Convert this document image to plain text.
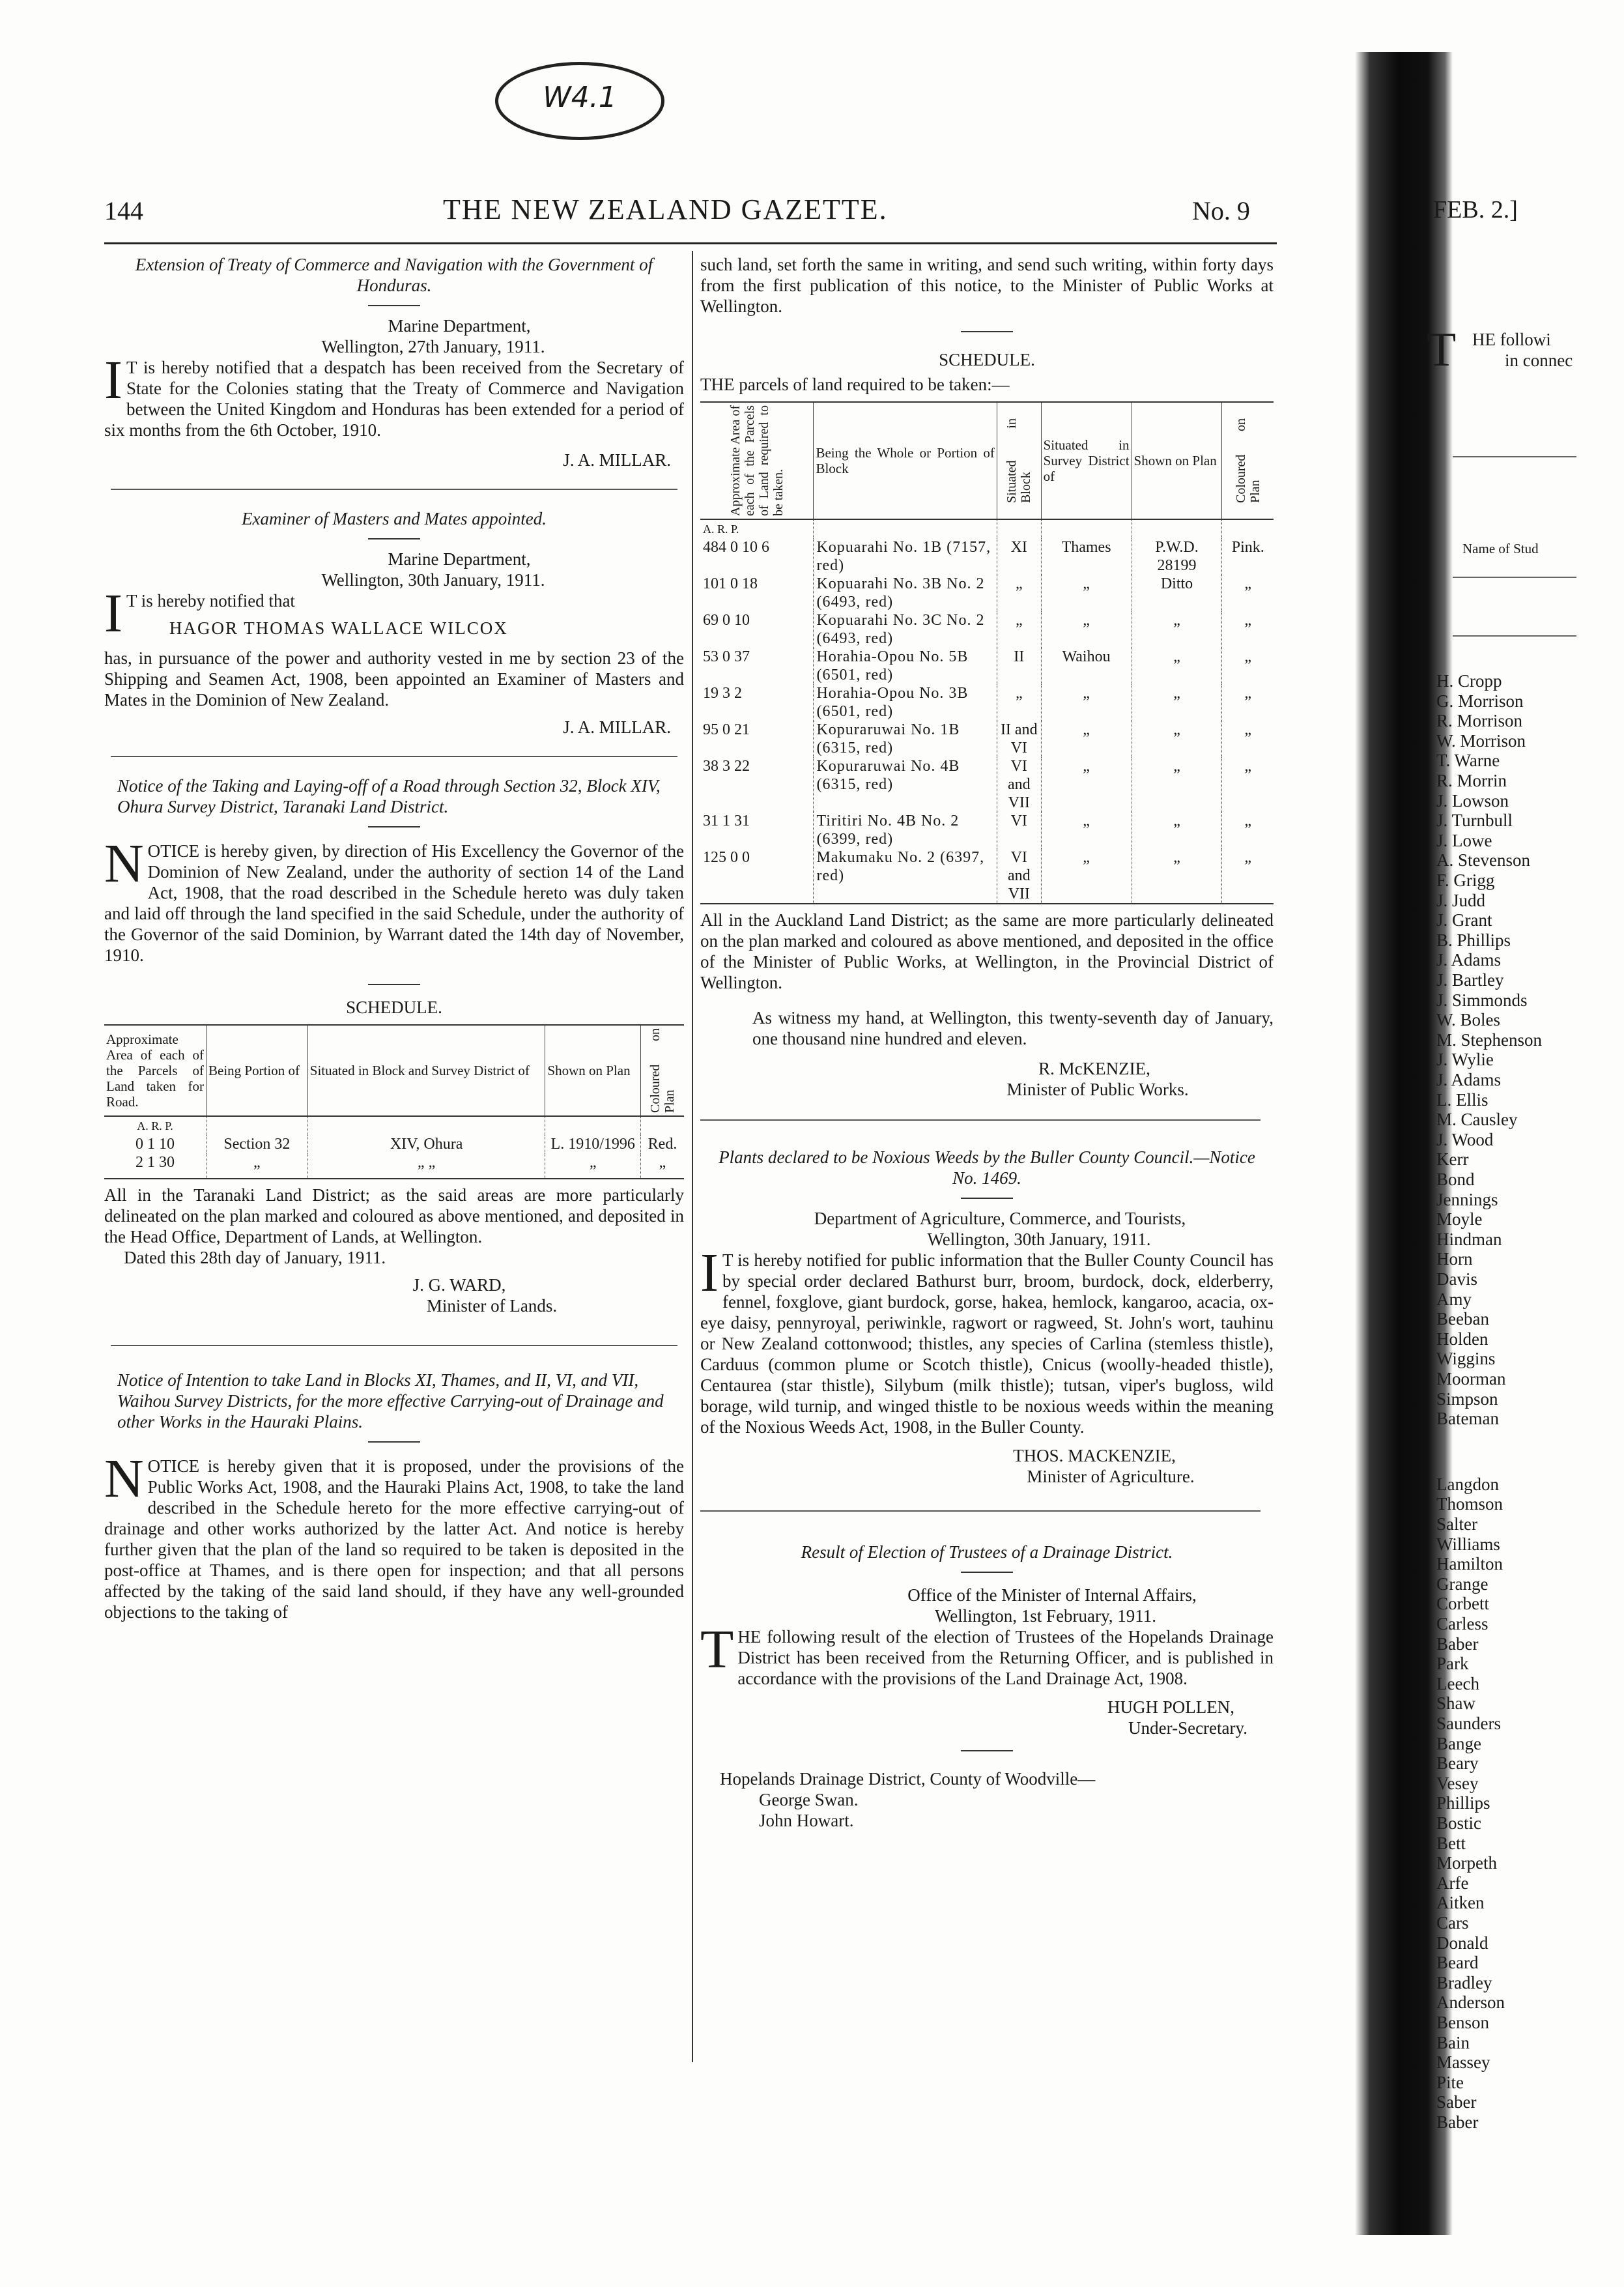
W4.1
144	THE NEW ZEALAND GAZETTE.	No. 9

Extension of Treaty of Commerce and Navigation with the Government of Honduras.

Marine Department,

Wellington, 27th January, 1911.

I T is hereby notified that a despatch has been received from the Secretary of State for the Colonies stating that the Treaty of Commerce and Navigation between the United Kingdom and Honduras has been extended for a period of six months from the 6th October, 1910.

J. A. MILLAR.

Examiner of Masters and Mates appointed.

Marine Department,

Wellington, 30th January, 1911.

I T is hereby notified that

HAGOR THOMAS WALLACE WILCOX

has, in pursuance of the power and authority vested in me by section 23 of the Shipping and Seamen Act, 1908, been appointed an Examiner of Masters and Mates in the Dominion of New Zealand.

J. A. MILLAR.

Notice of the Taking and Laying-off of a Road through Section 32, Block XIV, Ohura Survey District, Taranaki Land District.

NOTICE is hereby given, by direction of His Excellency the Governor of the Dominion of New Zealand, under the authority of section 14 of the Land Act, 1908, that the road described in the Schedule hereto was duly taken and laid off through the land specified in the said Schedule, under the authority of the Governor of the said Dominion, by Warrant dated the 14th day of November, 1910.

SCHEDULE.

Approximate Area of each of the Parcels of Land taken for Road.	Being Portion of	Situated in Block and Survey District of	Shown on Plan	Coloured on Plan

A. R. P.				
0 1 10	Section 32	XIV, Ohura	L. 1910/1996	Red.
2 1 30	„	„ „	„	„

All in the Taranaki Land District; as the said areas are more particularly delineated on the plan marked and coloured as above mentioned, and deposited in the Head Office, Department of Lands, at Wellington.

Dated this 28th day of January, 1911.

J. G. WARD,

Minister of Lands.

Notice of Intention to take Land in Blocks XI, Thames, and II, VI, and VII, Waihou Survey Districts, for the more effective Carrying-out of Drainage and other Works in the Hauraki Plains.

NOTICE is hereby given that it is proposed, under the provisions of the Public Works Act, 1908, and the Hauraki Plains Act, 1908, to take the land described in the Schedule hereto for the more effective carrying-out of drainage and other works authorized by the latter Act. And notice is hereby further given that the plan of the land so required to be taken is deposited in the post-office at Thames, and is there open for inspection; and that all persons affected by the taking of the said land should, if they have any well-grounded objections to the taking of

such land, set forth the same in writing, and send such writing, within forty days from the first publication of this notice, to the Minister of Public Works at Wellington.

SCHEDULE.

THE parcels of land required to be taken:—

Approximate Area of each of the Parcels of Land required to be taken.	Being the Whole or Portion of Block	Situated in Block	Situated in Survey District of	Shown on Plan	Coloured on Plan

A. R. P.					
484 0 10 6	Kopuarahi No. 1B (7157, red)	XI	Thames	P.W.D. 28199	Pink.
101 0 18	Kopuarahi No. 3B No. 2 (6493, red)	„	„	Ditto	„
69 0 10	Kopuarahi No. 3C No. 2 (6493, red)	„	„	„	„
53 0 37	Horahia-Opou No. 5B (6501, red)	II	Waihou	„	„
19 3 2	Horahia-Opou No. 3B (6501, red)	„	„	„	„
95 0 21	Kopuraruwai No. 1B (6315, red)	II and VI	„	„	„
38 3 22	Kopuraruwai No. 4B (6315, red)	VI and VII	„	„	„
31 1 31	Tiritiri No. 4B No. 2 (6399, red)	VI	„	„	„
125 0 0	Makumaku No. 2 (6397, red)	VI and VII	„	„	„

All in the Auckland Land District; as the same are more particularly delineated on the plan marked and coloured as above mentioned, and deposited in the office of the Minister of Public Works, at Wellington, in the Provincial District of Wellington.

As witness my hand, at Wellington, this twenty-seventh day of January, one thousand nine hundred and eleven.

R. McKENZIE,

Minister of Public Works.

Plants declared to be Noxious Weeds by the Buller County Council.—Notice No. 1469.

Department of Agriculture, Commerce, and Tourists,

Wellington, 30th January, 1911.

I T is hereby notified for public information that the Buller County Council has by special order declared Bathurst burr, broom, burdock, dock, elderberry, fennel, foxglove, giant burdock, gorse, hakea, hemlock, kangaroo, acacia, ox-eye daisy, pennyroyal, periwinkle, ragwort or ragweed, St. John's wort, tauhinu or New Zealand cottonwood; thistles, any species of Carlina (stemless thistle), Carduus (common plume or Scotch thistle), Cnicus (woolly-headed thistle), Centaurea (star thistle), Silybum (milk thistle); tutsan, viper's bugloss, wild borage, wild turnip, and winged thistle to be noxious weeds within the meaning of the Noxious Weeds Act, 1908, in the Buller County.

THOS. MACKENZIE,

Minister of Agriculture.

Result of Election of Trustees of a Drainage District.

Office of the Minister of Internal Affairs,

Wellington, 1st February, 1911.

THE following result of the election of Trustees of the Hopelands Drainage District has been received from the Returning Officer, and is published in accordance with the provisions of the Land Drainage Act, 1908.

HUGH POLLEN,

Under-Secretary.

Hopelands Drainage District, County of Woodville—

George Swan.

John Howart.

FEB. 2.]
T HE followi
in connec
Name of Stud
H. Cropp
G. Morrison
R. Morrison
W. Morrison
T. Warne
R. Morrin
J. Lowson
J. Turnbull
J. Lowe
A. Stevenson
F. Grigg
J. Judd
J. Grant
B. Phillips
J. Adams
J. Bartley
J. Simmonds
W. Boles
M. Stephenson
J. Wylie
J. Adams
L. Ellis
M. Causley
J. Wood
Kerr
Bond
Jennings
Moyle
Hindman
Horn
Davis
Amy
Beeban
Holden
Wiggins
Moorman
Simpson
Bateman
Langdon
Thomson
Salter
Williams
Hamilton
Grange
Corbett
Carless
Baber
Park
Leech
Shaw
Saunders
Bange
Beary
Vesey
Phillips
Bostic
Bett
Morpeth
Arfe
Aitken
Cars
Donald
Beard
Bradley
Anderson
Benson
Bain
Massey
Pite
Saber
Baber
